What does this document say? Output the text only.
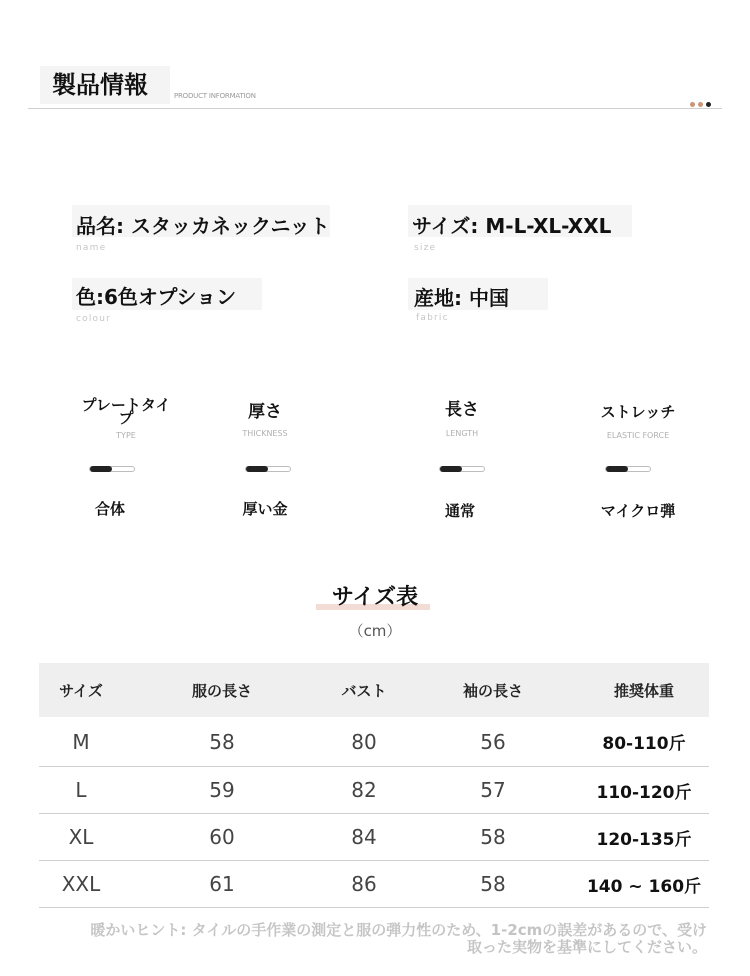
製品情報	PRODUCT INFORMATION
品名: スタッカネックニット
name
サイズ: M-L-XL-XXL
size
色:6色オプション
colour
産地: 中国
fabric
プレートタイ
プ
TYPE
合体
厚さ
THICKNESS
厚い金
長さ
LENGTH
通常
ストレッチ
ELASTIC FORCE
マイクロ弾
サイズ表
（cm）
サイズ	服の長さ	バスト	袖の長さ	推奨体重
M	58	80	56	80-110斤
L	59	82	57	110-120斤
XL	60	84	58	120-135斤
XXL	61	86	58	140 ~ 160斤
暖かいヒント: タイルの手作業の測定と服の弾力性のため、1-2cmの誤差があるので、受け
取った実物を基準にしてください。
